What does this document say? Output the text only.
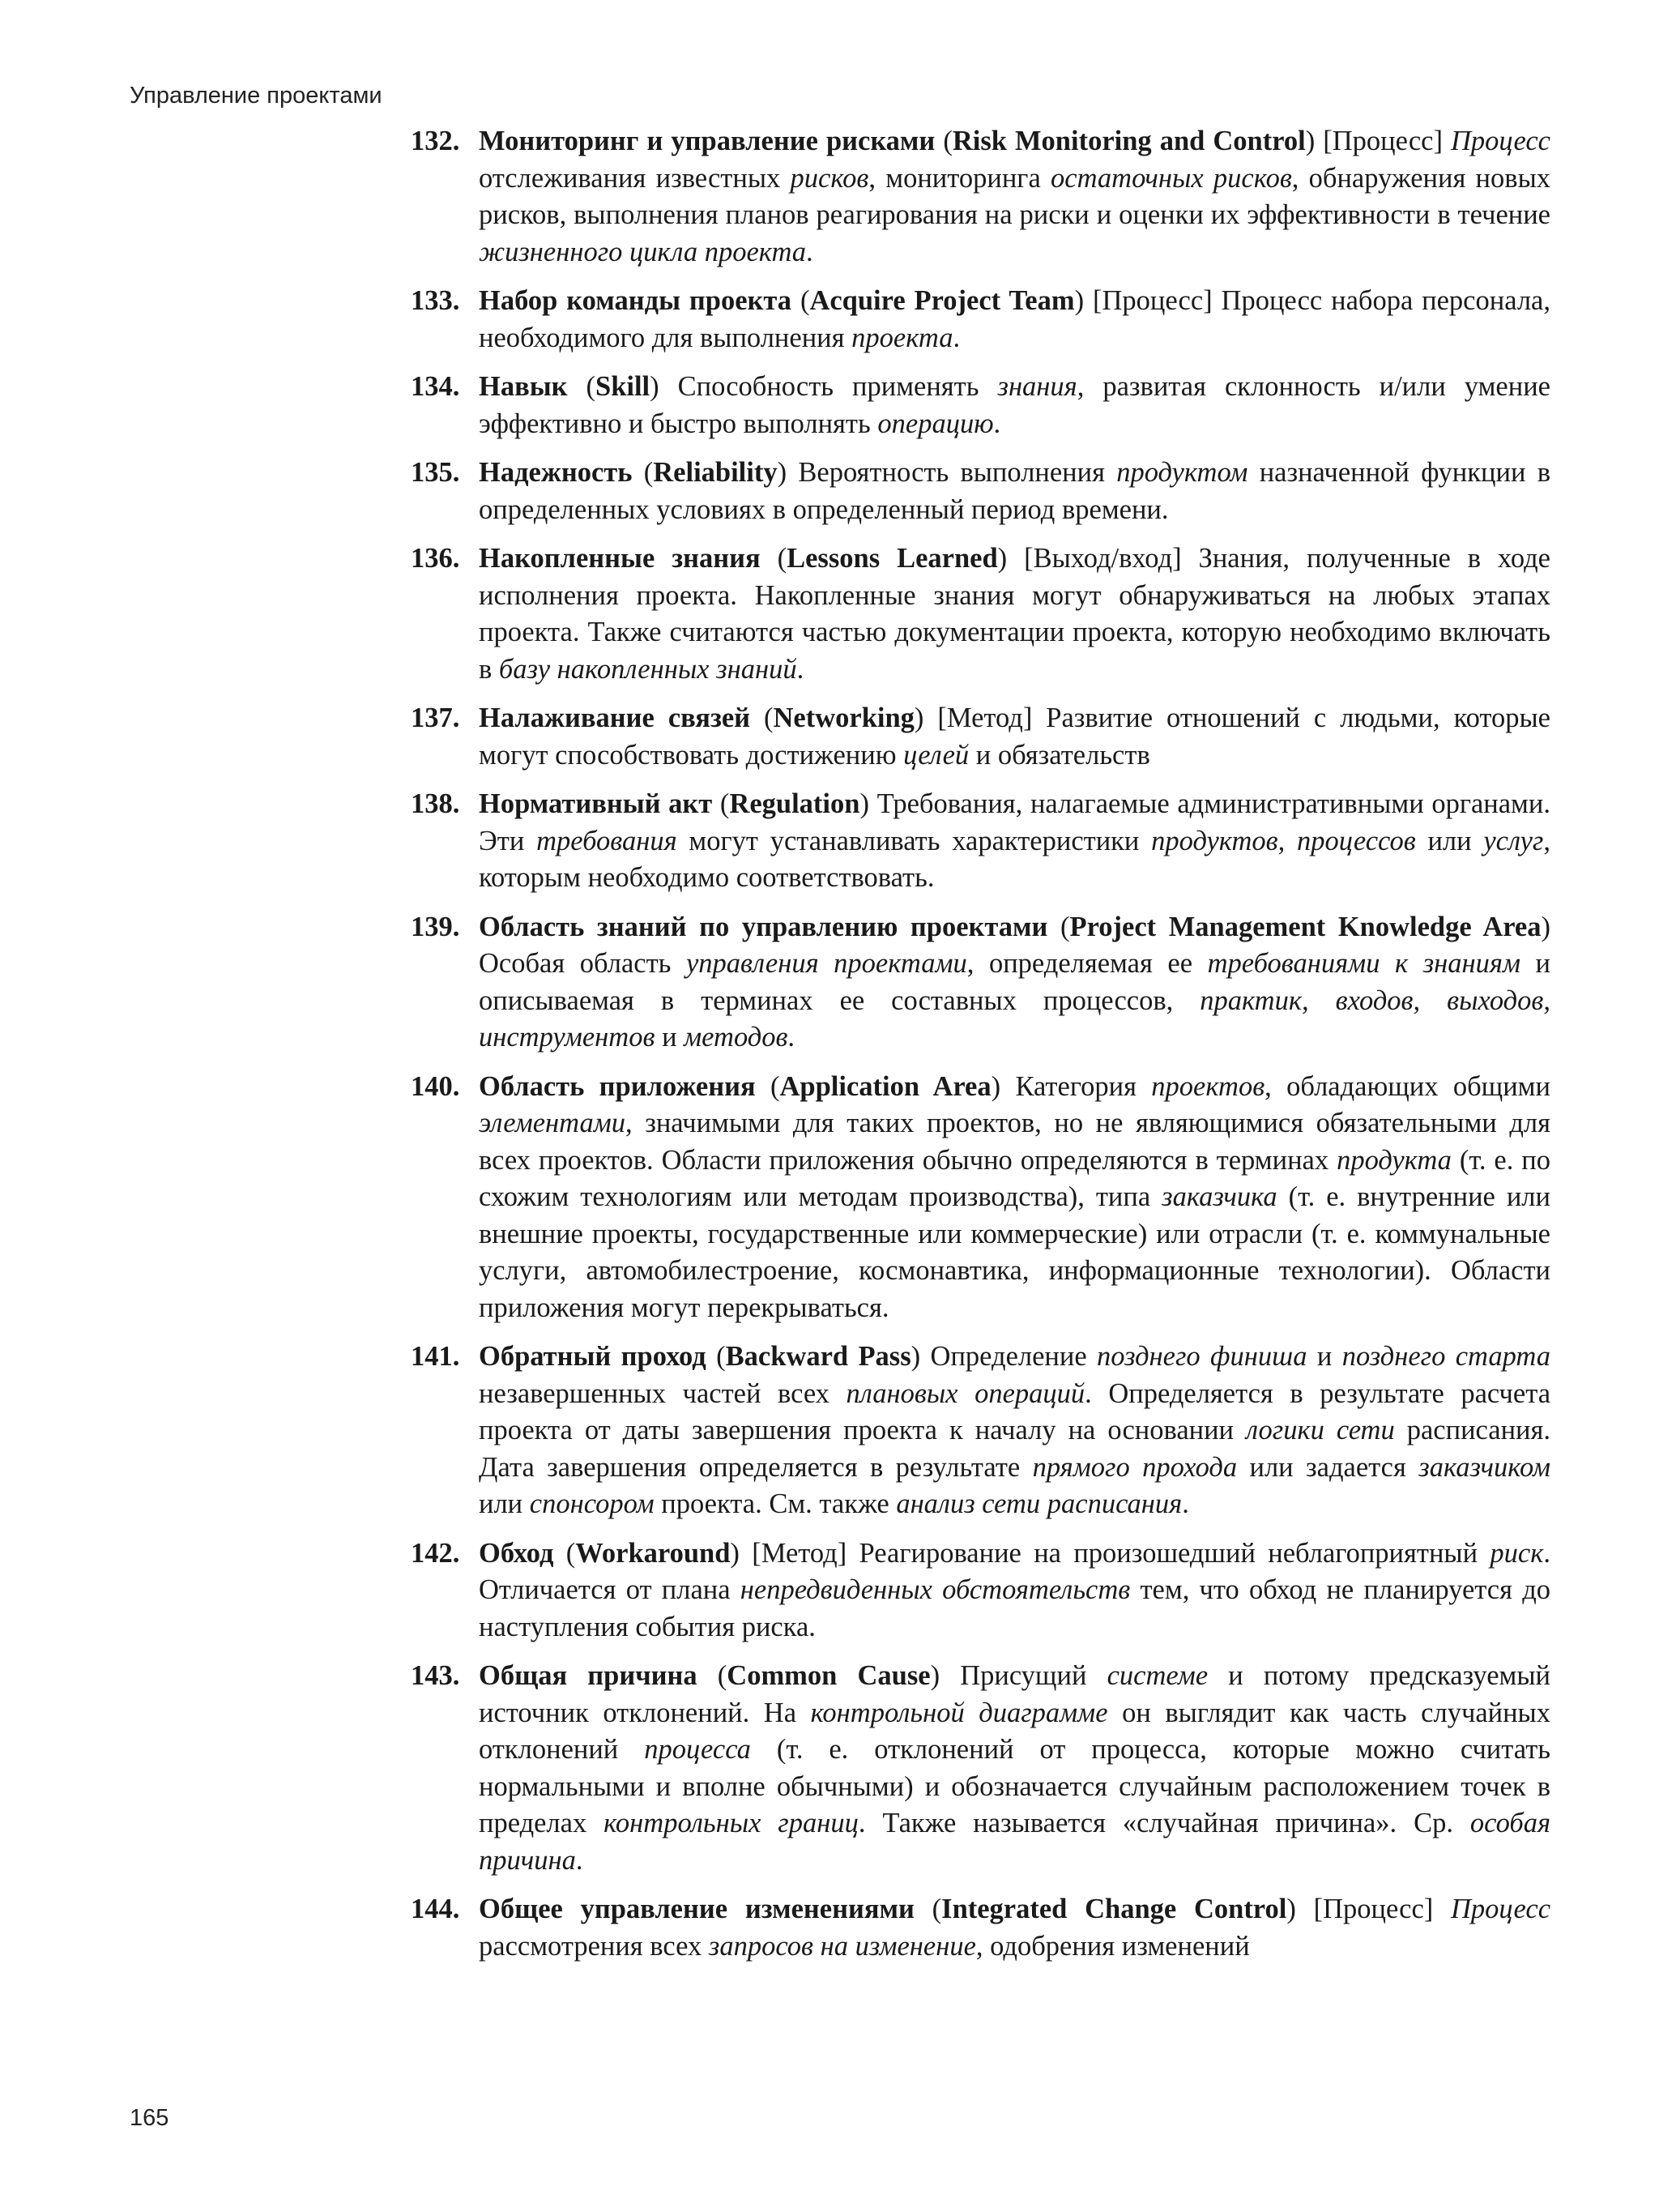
Управление проектами
132. Мониторинг и управление рисками (Risk Monitoring and Control) [Процесс] Процесс отслеживания известных рисков, мониторинга остаточных рисков, обнаружения новых рисков, выполнения планов реагирования на риски и оценки их эффективности в течение жизненного цикла проекта.
133. Набор команды проекта (Acquire Project Team) [Процесс] Процесс набора персонала, необходимого для выполнения проекта.
134. Навык (Skill) Способность применять знания, развитая склонность и/или умение эффективно и быстро выполнять операцию.
135. Надежность (Reliability) Вероятность выполнения продуктом назначенной функции в определенных условиях в определенный период времени.
136. Накопленные знания (Lessons Learned) [Выход/вход] Знания, полученные в ходе исполнения проекта. Накопленные знания могут обнаруживаться на любых этапах проекта. Также считаются частью документации проекта, которую необходимо включать в базу накопленных знаний.
137. Налаживание связей (Networking) [Метод] Развитие отношений с людьми, которые могут способствовать достижению целей и обязательств
138. Нормативный акт (Regulation) Требования, налагаемые административными органами. Эти требования могут устанавливать характеристики продуктов, процессов или услуг, которым необходимо соответствовать.
139. Область знаний по управлению проектами (Project Management Knowledge Area) Особая область управления проектами, определяемая ее требованиями к знаниям и описываемая в терминах ее составных процессов, практик, входов, выходов, инструментов и методов.
140. Область приложения (Application Area) Категория проектов, обладающих общими элементами, значимыми для таких проектов, но не являющимися обязательными для всех проектов. Области приложения обычно определяются в терминах продукта (т. е. по схожим технологиям или методам производства), типа заказчика (т. е. внутренние или внешние проекты, государственные или коммерческие) или отрасли (т. е. коммунальные услуги, автомобилестроение, космонавтика, информационные технологии). Области приложения могут перекрываться.
141. Обратный проход (Backward Pass) Определение позднего финиша и позднего старта незавершенных частей всех плановых операций. Определяется в результате расчета проекта от даты завершения проекта к началу на основании логики сети расписания. Дата завершения определяется в результате прямого прохода или задается заказчиком или спонсором проекта. См. также анализ сети расписания.
142. Обход (Workaround) [Метод] Реагирование на произошедший неблагоприятный риск. Отличается от плана непредвиденных обстоятельств тем, что обход не планируется до наступления события риска.
143. Общая причина (Common Cause) Присущий системе и потому предсказуемый источник отклонений. На контрольной диаграмме он выглядит как часть случайных отклонений процесса (т. е. отклонений от процесса, которые можно считать нормальными и вполне обычными) и обозначается случайным расположением точек в пределах контрольных границ. Также называется «случайная причина». Ср. особая причина.
144. Общее управление изменениями (Integrated Change Control) [Процесс] Процесс рассмотрения всех запросов на изменение, одобрения изменений
165
